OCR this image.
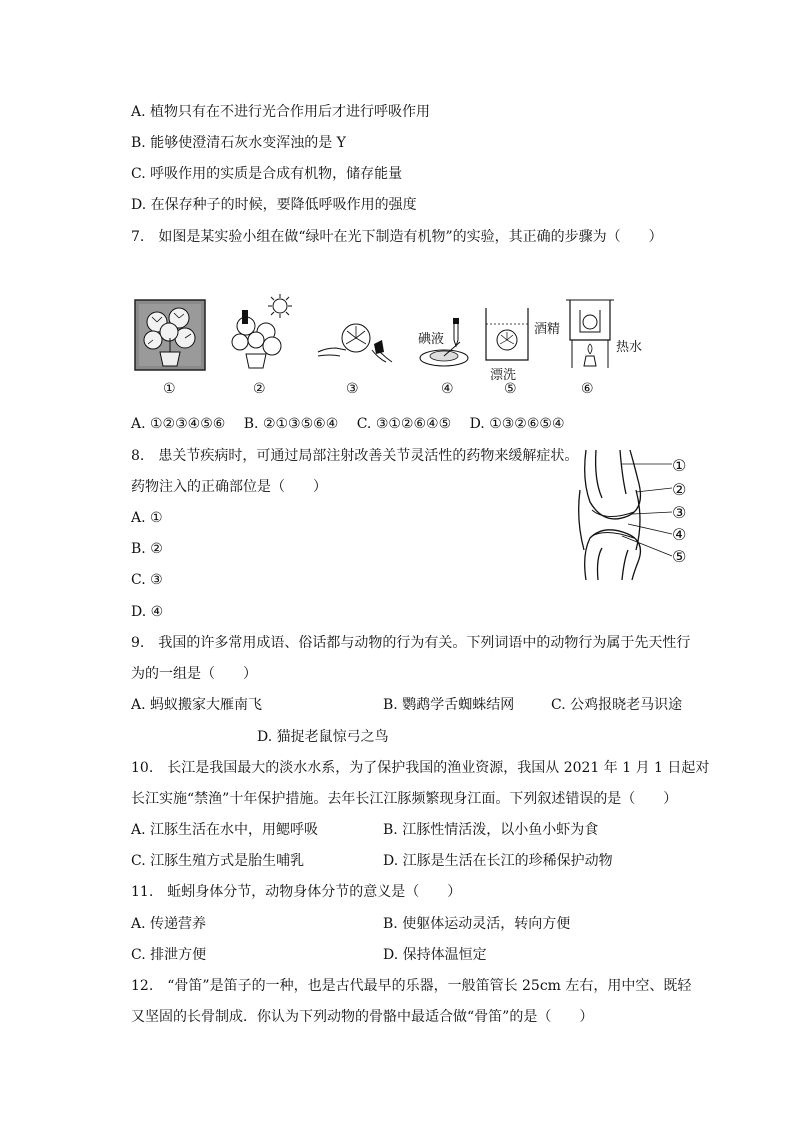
A. 植物只有在不进行光合作用后才进行呼吸作用
B. 能够使澄清石灰水变浑浊的是 Y
C. 呼吸作用的实质是合成有机物，储存能量
D. 在保存种子的时候，要降低呼吸作用的强度
7.　如图是某实验小组在做“绿叶在光下制造有机物”的实验，其正确的步骤为（　　）
碘液
漂洗
酒精
热水
①	②	③	④	⑤	⑥
A. ①②③④⑤⑥　 B. ②①③⑤⑥④　 C. ③①②⑥④⑤　 D. ①③②⑥⑤④
8.　患关节疾病时，可通过局部注射改善关节灵活性的药物来缓解症状。
药物注入的正确部位是（　　）
A. ①
B. ②
C. ③
D. ④
①
②
③
④
⑤
9.　我国的许多常用成语、俗话都与动物的行为有关。下列词语中的动物行为属于先天性行
为的一组是（　　）
A. 蚂蚁搬家大雁南飞	B. 鹦鹉学舌蜘蛛结网	C. 公鸡报晓老马识途
D. 猫捉老鼠惊弓之鸟
10.　长江是我国最大的淡水水系，为了保护我国的渔业资源，我国从 2021 年 1 月 1 日起对
长江实施“禁渔”十年保护措施。去年长江江豚频繁现身江面。下列叙述错误的是（　　）
A. 江豚生活在水中，用鳃呼吸	B. 江豚性情活泼，以小鱼小虾为食
C. 江豚生殖方式是胎生哺乳	D. 江豚是生活在长江的珍稀保护动物
11.　蚯蚓身体分节，动物身体分节的意义是（　　）
A. 传递营养	B. 使躯体运动灵活，转向方便
C. 排泄方便	D. 保持体温恒定
12.　“骨笛”是笛子的一种，也是古代最早的乐器，一般笛管长 25cm 左右，用中空、既轻
又坚固的长骨制成．你认为下列动物的骨骼中最适合做“骨笛”的是（　　）
